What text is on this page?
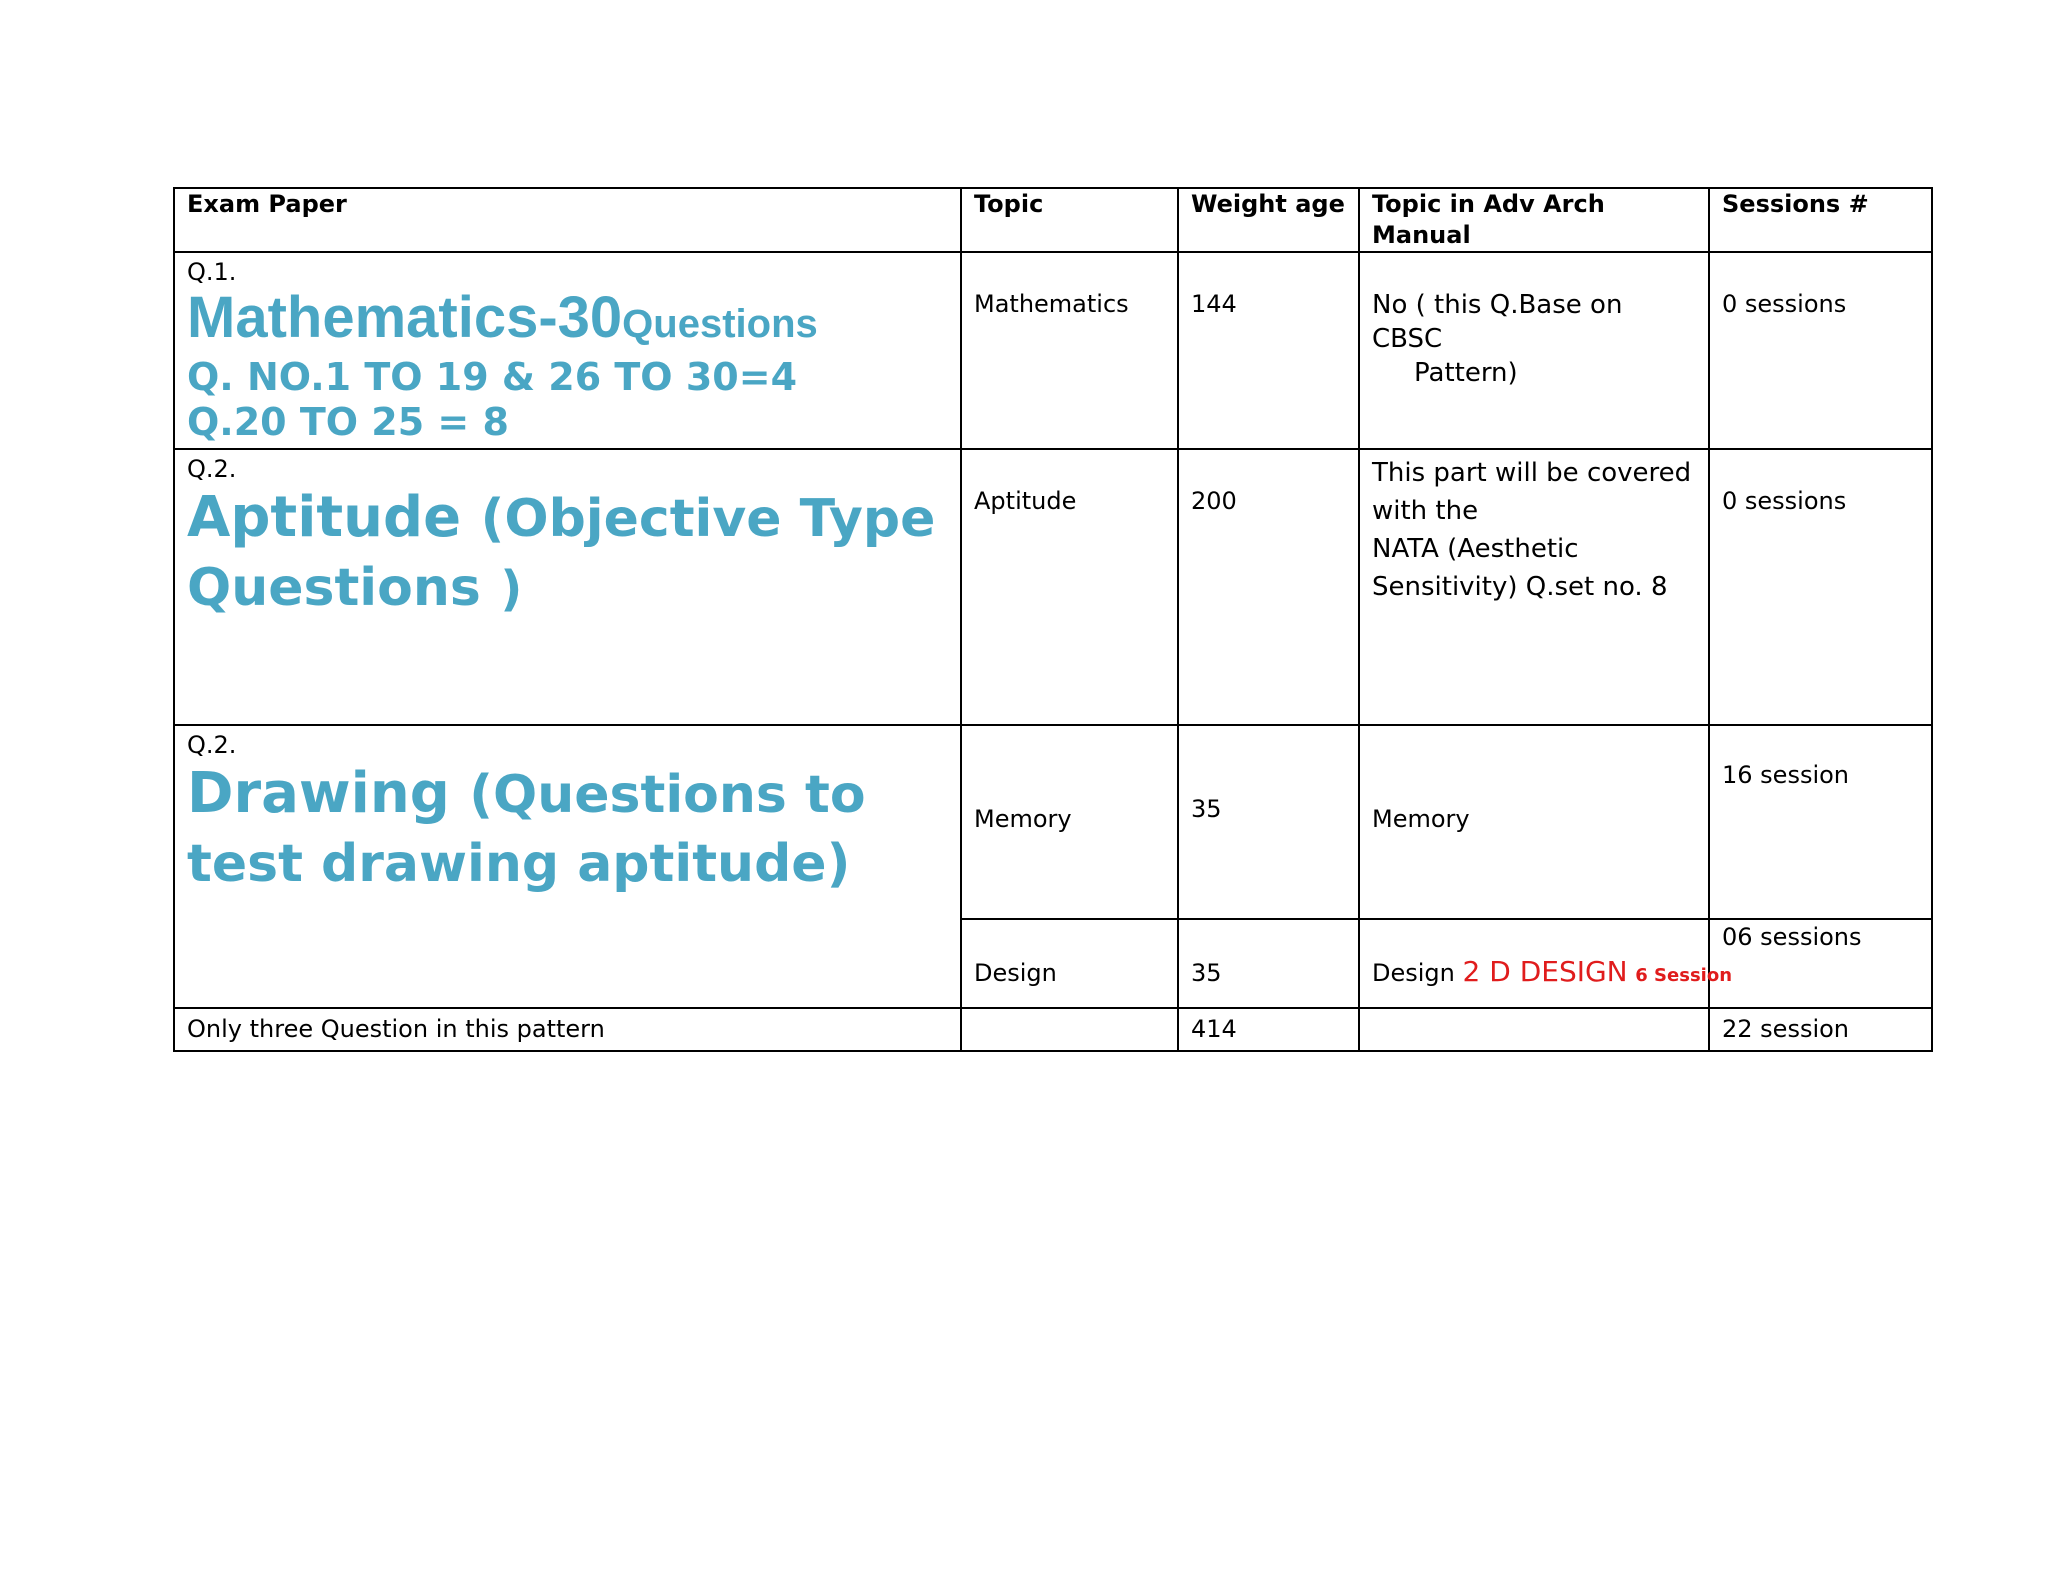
Exam Paper	Topic	Weight age	Topic in Adv Arch Manual	Sessions #

Q.1.
Mathematics-30Questions
Q. NO.1 TO 19 & 26 TO 30=4
Q.20 TO 25 = 8	Mathematics	144	No ( this Q.Base on CBSC
Pattern)	0 sessions

Q.2.
Aptitude (Objective Type Questions )	Aptitude	200	This part will be covered
with the
NATA (Aesthetic
Sensitivity) Q.set no. 8	0 sessions

Q.2.
Drawing (Questions to test drawing aptitude)	Memory	35	Memory	16 session
	Design	35	Design 2 D DESIGN 6 Session	06 sessions
Only three Question in this pattern		414		22 session
